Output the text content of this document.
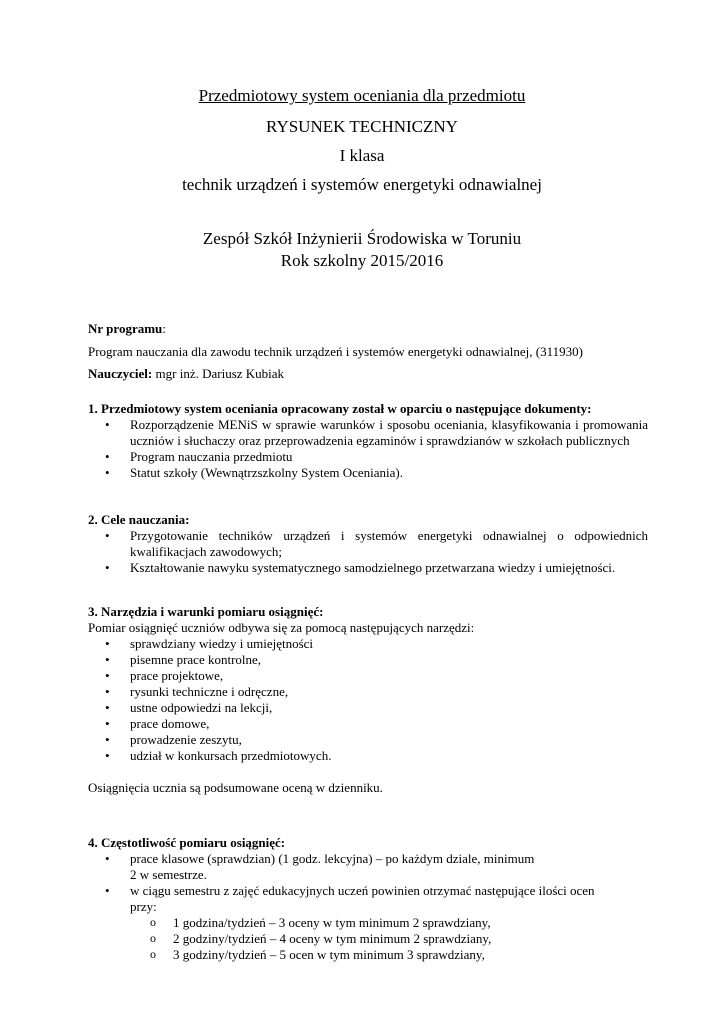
Przedmiotowy system oceniania dla przedmiotu
RYSUNEK TECHNICZNY
I klasa
technik urządzeń i systemów energetyki odnawialnej
Zespół Szkół Inżynierii Środowiska w Toruniu
Rok szkolny 2015/2016
Nr programu:
Program nauczania dla zawodu technik urządzeń i systemów energetyki odnawialnej, (311930)
Nauczyciel: mgr inż. Dariusz Kubiak
1. Przedmiotowy system oceniania opracowany został w oparciu o następujące dokumenty:
• Rozporządzenie MENiS w sprawie warunków i sposobu oceniania, klasyfikowania i promowania uczniów i słuchaczy oraz przeprowadzenia egzaminów i sprawdzianów w szkołach publicznych
• Program nauczania przedmiotu
• Statut szkoły (Wewnątrzszkolny System Oceniania).
2. Cele nauczania:
• Przygotowanie techników urządzeń i systemów energetyki odnawialnej o odpowiednich kwalifikacjach zawodowych;
• Kształtowanie nawyku systematycznego samodzielnego przetwarzana wiedzy i umiejętności.
3. Narzędzia i warunki pomiaru osiągnięć:

Pomiar osiągnięć uczniów odbywa się za pomocą następujących narzędzi:

• sprawdziany wiedzy i umiejętności
• pisemne prace kontrolne,
• prace projektowe,
• rysunki techniczne i odręczne,
• ustne odpowiedzi na lekcji,
• prace domowe,
• prowadzenie zeszytu,
• udział w konkursach przedmiotowych.
Osiągnięcia ucznia są podsumowane oceną w dzienniku.
4. Częstotliwość pomiaru osiągnięć:
• prace klasowe (sprawdzian) (1 godz. lekcyjna) – po każdym dziale, minimum
2 w semestrze.
• w ciągu semestru z zajęć edukacyjnych uczeń powinien otrzymać następujące ilości ocen
przy:
o 1 godzina/tydzień – 3 oceny w tym minimum 2 sprawdziany,
o 2 godziny/tydzień – 4 oceny w tym minimum 2 sprawdziany,
o 3 godziny/tydzień – 5 ocen w tym minimum 3 sprawdziany,
